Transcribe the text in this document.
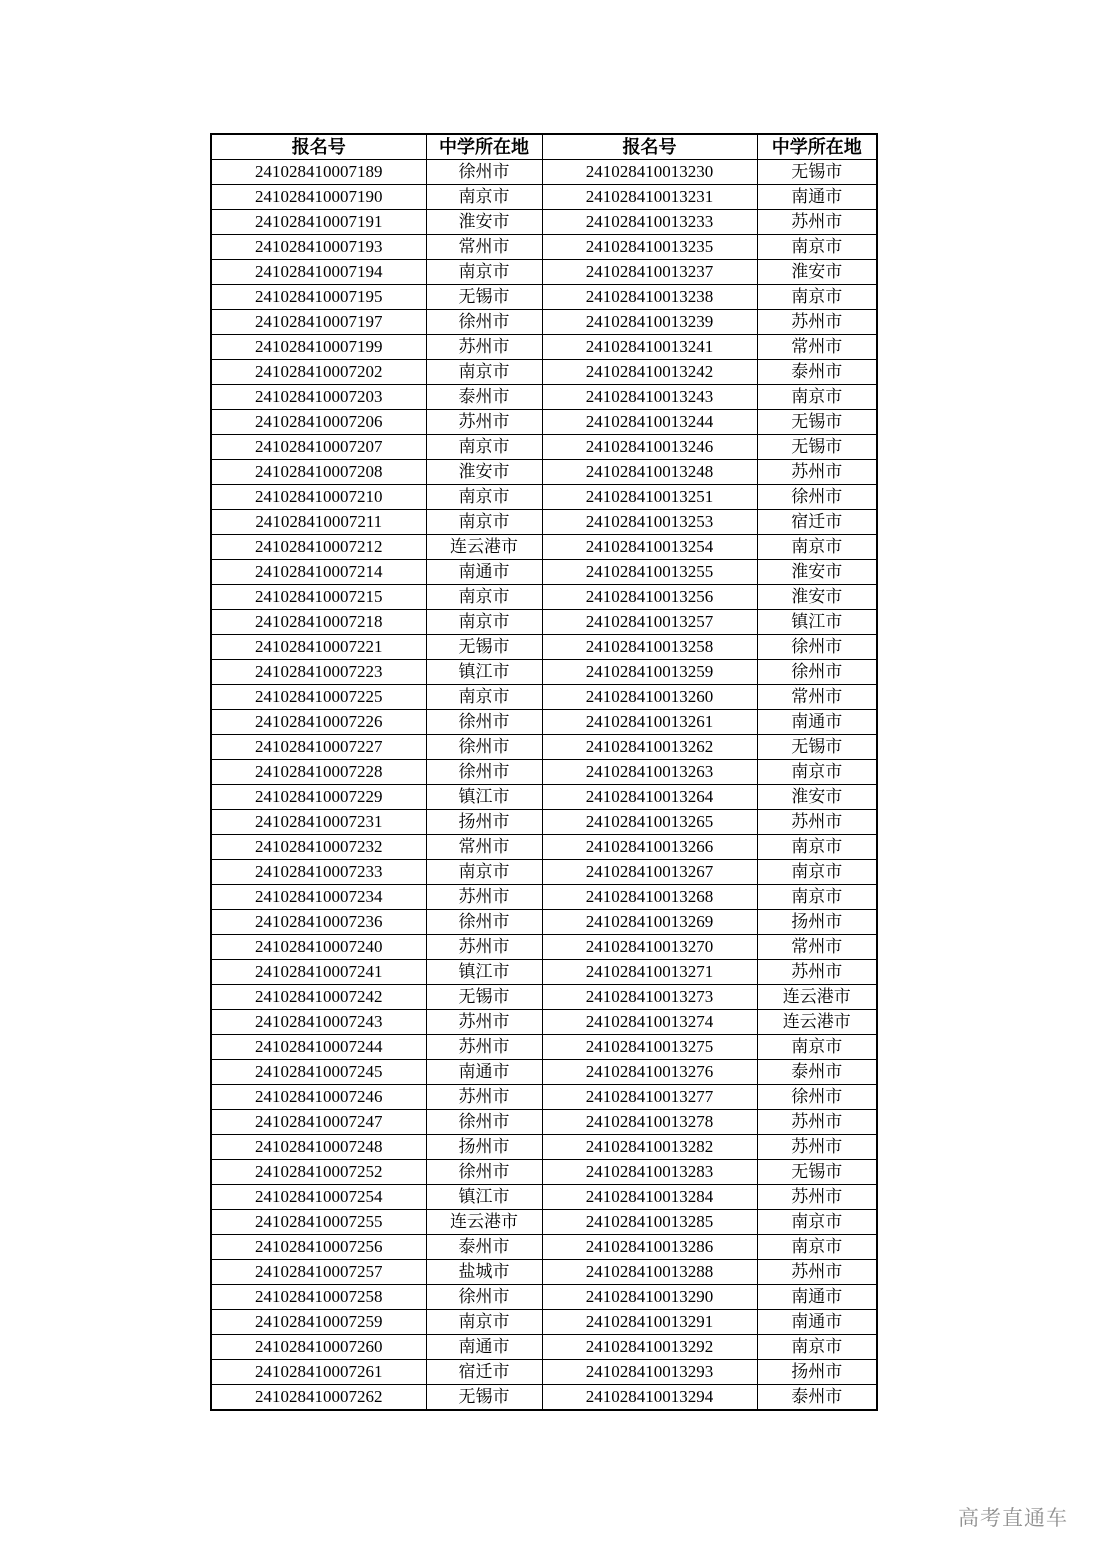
报名号	中学所在地	报名号	中学所在地
241028410007189	徐州市	241028410013230	无锡市
241028410007190	南京市	241028410013231	南通市
241028410007191	淮安市	241028410013233	苏州市
241028410007193	常州市	241028410013235	南京市
241028410007194	南京市	241028410013237	淮安市
241028410007195	无锡市	241028410013238	南京市
241028410007197	徐州市	241028410013239	苏州市
241028410007199	苏州市	241028410013241	常州市
241028410007202	南京市	241028410013242	泰州市
241028410007203	泰州市	241028410013243	南京市
241028410007206	苏州市	241028410013244	无锡市
241028410007207	南京市	241028410013246	无锡市
241028410007208	淮安市	241028410013248	苏州市
241028410007210	南京市	241028410013251	徐州市
241028410007211	南京市	241028410013253	宿迁市
241028410007212	连云港市	241028410013254	南京市
241028410007214	南通市	241028410013255	淮安市
241028410007215	南京市	241028410013256	淮安市
241028410007218	南京市	241028410013257	镇江市
241028410007221	无锡市	241028410013258	徐州市
241028410007223	镇江市	241028410013259	徐州市
241028410007225	南京市	241028410013260	常州市
241028410007226	徐州市	241028410013261	南通市
241028410007227	徐州市	241028410013262	无锡市
241028410007228	徐州市	241028410013263	南京市
241028410007229	镇江市	241028410013264	淮安市
241028410007231	扬州市	241028410013265	苏州市
241028410007232	常州市	241028410013266	南京市
241028410007233	南京市	241028410013267	南京市
241028410007234	苏州市	241028410013268	南京市
241028410007236	徐州市	241028410013269	扬州市
241028410007240	苏州市	241028410013270	常州市
241028410007241	镇江市	241028410013271	苏州市
241028410007242	无锡市	241028410013273	连云港市
241028410007243	苏州市	241028410013274	连云港市
241028410007244	苏州市	241028410013275	南京市
241028410007245	南通市	241028410013276	泰州市
241028410007246	苏州市	241028410013277	徐州市
241028410007247	徐州市	241028410013278	苏州市
241028410007248	扬州市	241028410013282	苏州市
241028410007252	徐州市	241028410013283	无锡市
241028410007254	镇江市	241028410013284	苏州市
241028410007255	连云港市	241028410013285	南京市
241028410007256	泰州市	241028410013286	南京市
241028410007257	盐城市	241028410013288	苏州市
241028410007258	徐州市	241028410013290	南通市
241028410007259	南京市	241028410013291	南通市
241028410007260	南通市	241028410013292	南京市
241028410007261	宿迁市	241028410013293	扬州市
241028410007262	无锡市	241028410013294	泰州市
高考直通车
